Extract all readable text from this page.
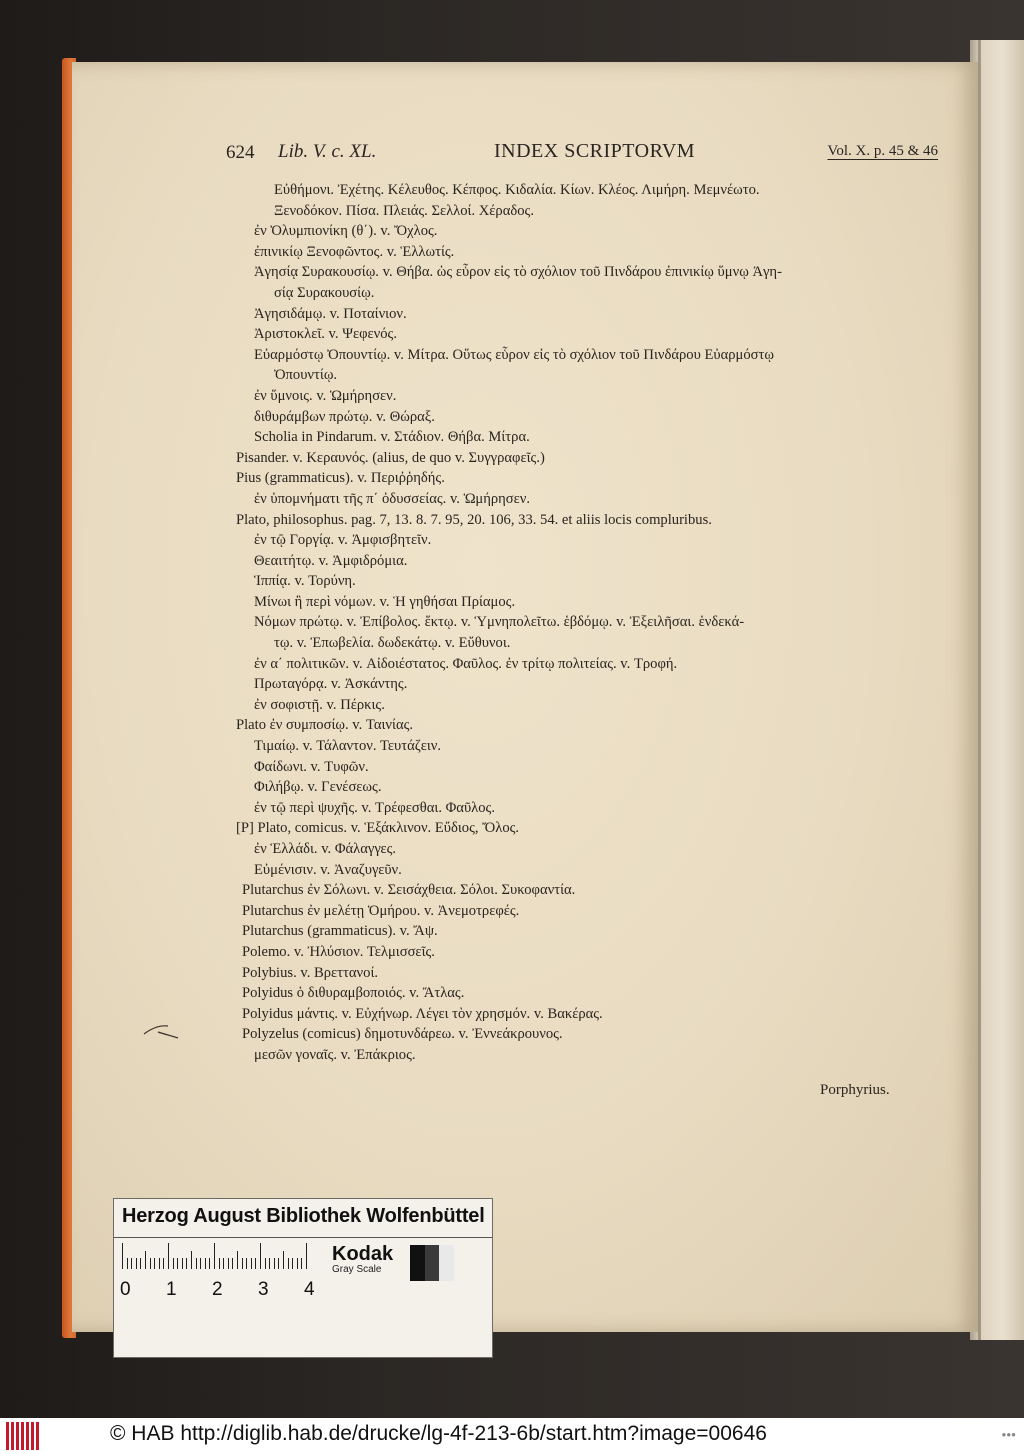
624 Lib. V. c. XL.	INDEX SCRIPTORVM	Vol. X. p. 45 & 46
Εὐθήμονι. Ἐχέτης. Κέλευθος. Κέπφος. Κιδαλία. Κίων. Κλέος. Λιμήρη. Μεμνέωτο.
Ξενοδόκον. Πίσα. Πλειάς. Σελλοί. Χέραδος.
ἐν Ὀλυμπιονίκη (θ΄). v. Ὄχλος.
ἐπινικίῳ Ξενοφῶντος. v. Ἑλλωτίς.
Ἀγησίᾳ Συρακουσίῳ. v. Θήβα. ὡς εὗρον εἰς τὸ σχόλιον τοῦ Πινδάρου ἐπινικίῳ ὕμνῳ Ἀγη-
σίᾳ Συρακουσίῳ.
Ἀγησιδάμῳ. v. Ποταίνιον.
Ἀριστοκλεῖ. v. Ψεφενός.
Εὐαρμόστῳ Ὀπουντίῳ. v. Μίτρα. Οὕτως εὗρον εἰς τὸ σχόλιον τοῦ Πινδάρου Εὐαρμόστῳ
Ὀπουντίῳ.
ἐν ὕμνοις. v. Ὡμήρησεν.
διθυράμβων πρώτῳ. v. Θώραξ.
Scholia in Pindarum. v. Στάδιον. Θήβα. Μίτρα.
Pisander. v. Κεραυνός. (alius, de quo v. Συγγραφεῖς.)
Pius (grammaticus). v. Περιῤῥηδής.
ἐν ὑπομνήματι τῆς π΄ ὀδυσσείας. v. Ὡμήρησεν.
Plato, philosophus. pag. 7, 13. 8. 7. 95, 20. 106, 33. 54. et aliis locis compluribus.
ἐν τῷ Γοργίᾳ. v. Ἀμφισβητεῖν.
Θεαιτήτῳ. v. Ἀμφιδρόμια.
Ἱππίᾳ. v. Τορύνη.
Μίνωι ἢ περὶ νόμων. v. Ἡ γηθήσαι Πρίαμος.
Νόμων πρώτῳ. v. Ἐπίβολος. ἕκτῳ. v. Ὑμνηπολεῖτω. ἑβδόμῳ. v. Ἐξειλῆσαι. ἑνδεκά-
τῳ. v. Ἐπωβελία. δωδεκάτῳ. v. Εὔθυνοι.
ἐν α΄ πολιτικῶν. v. Αἰδοιέστατος. Φαῦλος. ἐν τρίτῳ πολιτείας. v. Τροφή.
Πρωταγόρᾳ. v. Ἀσκάντης.
ἐν σοφιστῇ. v. Πέρκις.
Plato ἐν συμποσίῳ. v. Ταινίας.
Τιμαίῳ. v. Τάλαντον. Τευτάζειν.
Φαίδωνι. v. Τυφῶν.
Φιλήβῳ. v. Γενέσεως.
ἐν τῷ περὶ ψυχῆς. v. Τρέφεσθαι. Φαῦλος.
[P] Plato, comicus. v. Ἑξάκλινον. Εὔδιος, Ὄλος.
ἐν Ἑλλάδι. v. Φάλαγγες.
Εὐμένισιν. v. Ἀναζυγεῦν.
Plutarchus ἐν Σόλωνι. v. Σεισάχθεια. Σόλοι. Συκοφαντία.
Plutarchus ἐν μελέτῃ Ὁμήρου. v. Ἀνεμοτρεφές.
Plutarchus (grammaticus). v. Ἄψ.
Polemo. v. Ἠλύσιον. Τελμισσεῖς.
Polybius. v. Βρεττανοί.
Polyidus ὁ διθυραμβοποιός. v. Ἄτλας.
Polyidus μάντις. v. Εὐχήνωρ. Λέγει τὸν χρησμόν. v. Βακέρας.
Polyzelus (comicus) δημοτυνδάρεω. v. Ἐννεάκρουνος.
μεσῶν γοναῖς. v. Ἐπάκριος.
Porphyrius.
Herzog August Bibliothek Wolfenbüttel
0 1 2 3 4
Kodak
Gray Scale
© HAB http://diglib.hab.de/drucke/lg-4f-213-6b/start.htm?image=00646	●●●
